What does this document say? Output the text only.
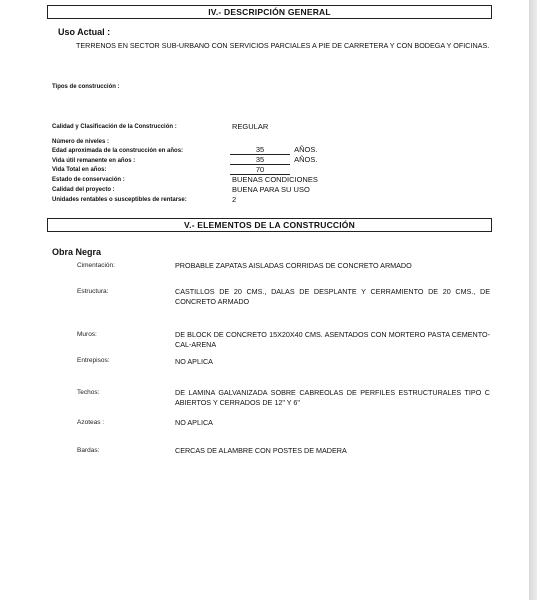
IV.- DESCRIPCIÓN GENERAL
Uso Actual :
TERRENOS EN SECTOR SUB-URBANO CON SERVICIOS PARCIALES A PIE DE CARRETERA Y CON BODEGA Y OFICINAS.
Tipos de construcción :
Calidad y Clasificación de la Construcción :	REGULAR
Número de niveles :
Edad aproximada de la construcción en años:	35	AÑOS.
Vida útil remanente en años :	35	AÑOS.
Vida Total en años:	70
Estado de conservación :	BUENAS CONDICIONES
Calidad del proyecto :	BUENA PARA SU USO
Unidades rentables o susceptibles de rentarse:	2
V.- ELEMENTOS DE LA CONSTRUCCIÓN
Obra Negra
Cimentación:	PROBABLE ZAPATAS AISLADAS CORRIDAS DE CONCRETO ARMADO
Estructura:	CASTILLOS DE 20 CMS., DALAS DE DESPLANTE Y CERRAMIENTO DE 20 CMS., DE CONCRETO ARMADO
Muros:	DE BLOCK DE CONCRETO 15X20X40 CMS. ASENTADOS CON MORTERO PASTA CEMENTO-CAL-ARENA
Entrepisos:	NO APLICA
Techos:	DE LAMINA GALVANIZADA SOBRE CABREOLAS DE PERFILES ESTRUCTURALES TIPO C ABIERTOS Y CERRADOS DE 12" Y 6"
Azoteas :	NO APLICA
Bardas:	CERCAS DE ALAMBRE CON POSTES DE MADERA
